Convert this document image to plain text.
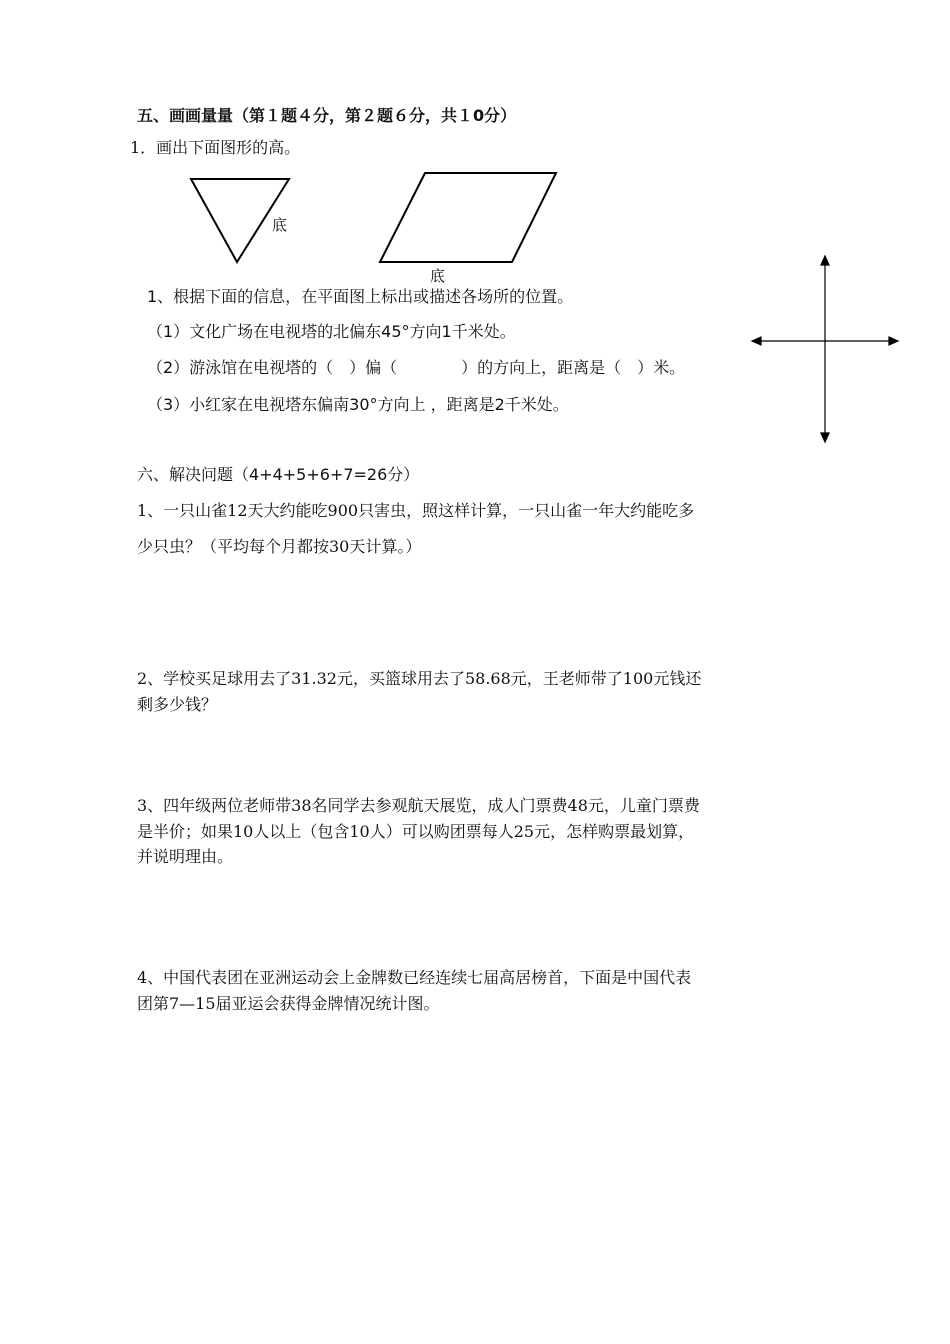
五、画画量量（第１题４分，第２题６分，共１0分）
1．画出下面图形的高。
底
底
1、根据下面的信息，在平面图上标出或描述各场所的位置。
（1）文化广场在电视塔的北偏东45°方向1千米处。
（2）游泳馆在电视塔的（　）偏（　　　　）的方向上，距离是（　）米。
（3）小红家在电视塔东偏南30°方向上 ，距离是2千米处。
六、解决问题（4+4+5+6+7=26分）
1、一只山雀12天大约能吃900只害虫，照这样计算，一只山雀一年大约能吃多
少只虫？（平均每个月都按30天计算。）
2、学校买足球用去了31.32元，买篮球用去了58.68元，王老师带了100元钱还
剩多少钱？
3、四年级两位老师带38名同学去参观航天展览，成人门票费48元，儿童门票费
是半价；如果10人以上（包含10人）可以购团票每人25元，怎样购票最划算，
并说明理由。
4、中国代表团在亚洲运动会上金牌数已经连续七届高居榜首，下面是中国代表
团第7—15届亚运会获得金牌情况统计图。
